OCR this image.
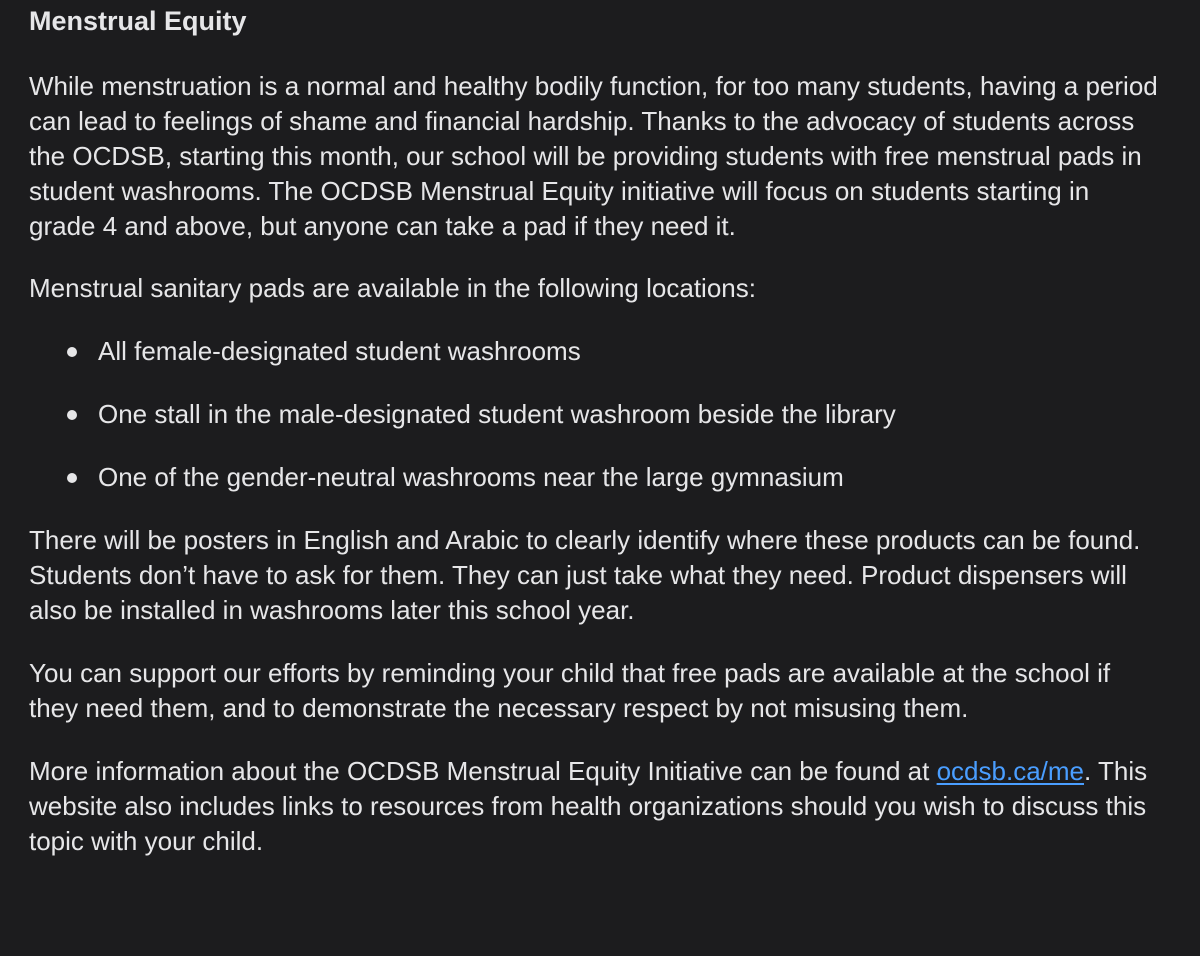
Menstrual Equity

While menstruation is a normal and healthy bodily function, for too many students, having a period can lead to feelings of shame and financial hardship. Thanks to the advocacy of students across the OCDSB, starting this month, our school will be providing students with free menstrual pads in student washrooms. The OCDSB Menstrual Equity initiative will focus on students starting in grade 4 and above, but anyone can take a pad if they need it.

Menstrual sanitary pads are available in the following locations:

All female-designated student washrooms
One stall in the male-designated student washroom beside the library
One of the gender-neutral washrooms near the large gymnasium

There will be posters in English and Arabic to clearly identify where these products can be found. Students don’t have to ask for them. They can just take what they need. Product dispensers will also be installed in washrooms later this school year.

You can support our efforts by reminding your child that free pads are available at the school if they need them, and to demonstrate the necessary respect by not misusing them.

More information about the OCDSB Menstrual Equity Initiative can be found at ocdsb.ca/me. This website also includes links to resources from health organizations should you wish to discuss this topic with your child.
